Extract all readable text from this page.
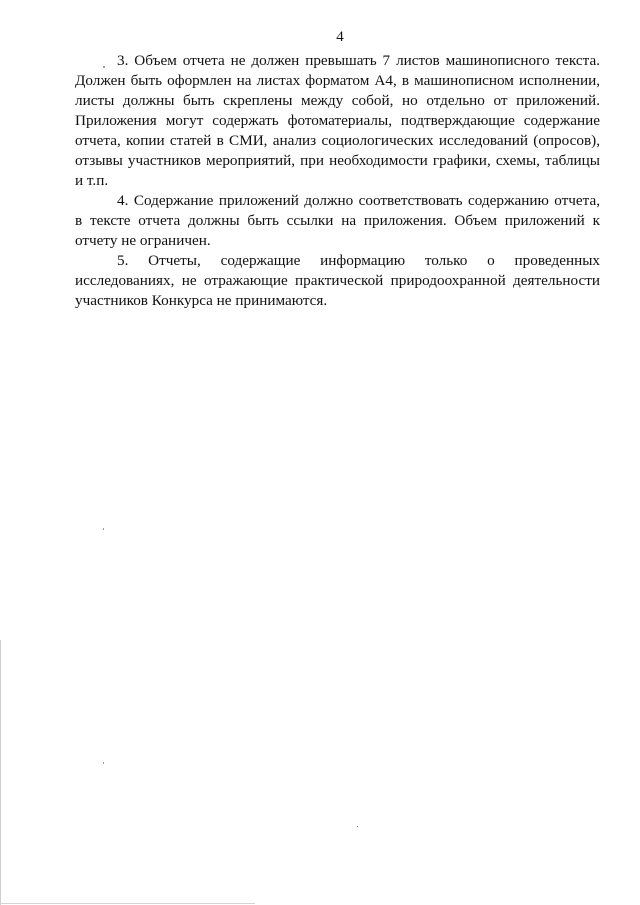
4

3. Объем отчета не должен превышать 7 листов машинописного текста. Должен быть оформлен на листах форматом А4, в машинописном исполнении, листы должны быть скреплены между собой, но отдельно от приложений. Приложения могут содержать фотоматериалы, подтверждающие содержание отчета, копии статей в СМИ, анализ социологических исследований (опросов), отзывы участников мероприятий, при необходимости графики, схемы, таблицы и т.п.

4. Содержание приложений должно соответствовать содержанию отчета, в тексте отчета должны быть ссылки на приложения. Объем приложений к отчету не ограничен.

5. Отчеты, содержащие информацию только о проведенных исследованиях, не отражающие практической природоохранной деятельности участников Конкурса не принимаются.
